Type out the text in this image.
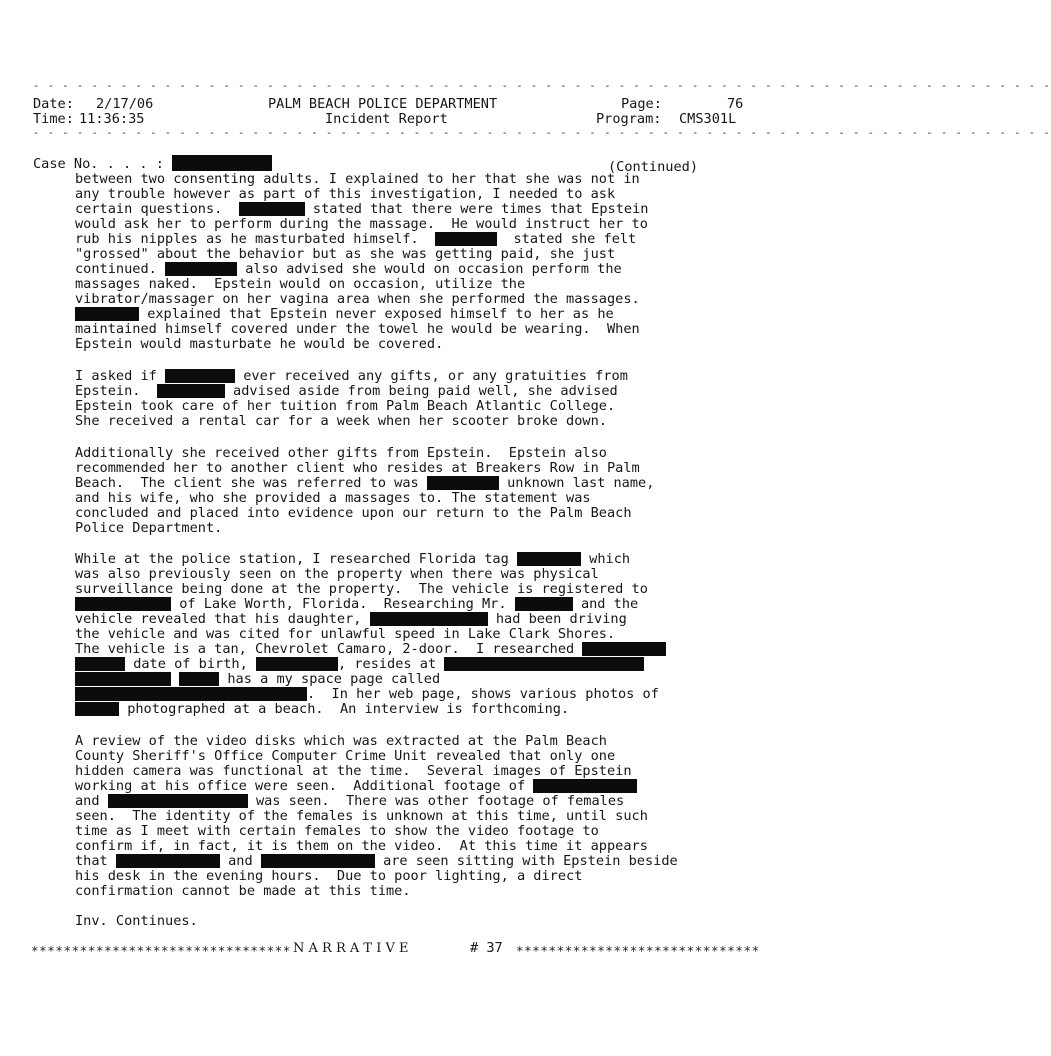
- - - - - - - - - - - - - - - - - - - - - - - - - - - - - - - - - - - - - - - - - - - - - - - - - - - - - - - - - - - - - - - - - - - - - -
Date: 2/17/06
Time: 11:36:35
PALM BEACH POLICE DEPARTMENT
Incident Report
Page:	76
Program: CMS301L
- - - - - - - - - - - - - - - - - - - - - - - - - - - - - - - - - - - - - - - - - - - - - - - - - - - - - - - - - - - - - - - - - - - - - -
Case No. . . . :	(Continued)
between two consenting adults. I explained to her that she was not in
any trouble however as part of this investigation, I needed to ask
certain questions.	stated that there were times that Epstein
would ask her to perform during the massage.  He would instruct her to
rub his nipples as he masturbated himself.	stated she felt
"grossed" about the behavior but as she was getting paid, she just
continued.	also advised she would on occasion perform the
massages naked.  Epstein would on occasion, utilize the
vibrator/massager on her vagina area when she performed the massages.
explained that Epstein never exposed himself to her as he
maintained himself covered under the towel he would be wearing.  When
Epstein would masturbate he would be covered.
I asked if	ever received any gifts, or any gratuities from
Epstein.	advised aside from being paid well, she advised
Epstein took care of her tuition from Palm Beach Atlantic College.
She received a rental car for a week when her scooter broke down.
Additionally she received other gifts from Epstein.  Epstein also
recommended her to another client who resides at Breakers Row in Palm
Beach.  The client she was referred to was	unknown last name,
and his wife, who she provided a massages to. The statement was
concluded and placed into evidence upon our return to the Palm Beach
Police Department.
While at the police station, I researched Florida tag	which
was also previously seen on the property when there was physical
surveillance being done at the property.  The vehicle is registered to
of Lake Worth, Florida.  Researching Mr.	and the
vehicle revealed that his daughter,	had been driving
the vehicle and was cited for unlawful speed in Lake Clark Shores.
The vehicle is a tan, Chevrolet Camaro, 2-door.  I researched
date of birth,	, resides at
has a my space page called
.  In her web page, shows various photos of
photographed at a beach.  An interview is forthcoming.
A review of the video disks which was extracted at the Palm Beach
County Sheriff's Office Computer Crime Unit revealed that only one
hidden camera was functional at the time.  Several images of Epstein
working at his office were seen.  Additional footage of
and	was seen.  There was other footage of females
seen.  The identity of the females is unknown at this time, until such
time as I meet with certain females to show the video footage to
confirm if, in fact, it is them on the video.  At this time it appears
that	and	are seen sitting with Epstein beside
his desk in the evening hours.  Due to poor lighting, a direct
confirmation cannot be made at this time.
Inv. Continues.
******************************** N A R R A T I V E	# 37 ******************************
